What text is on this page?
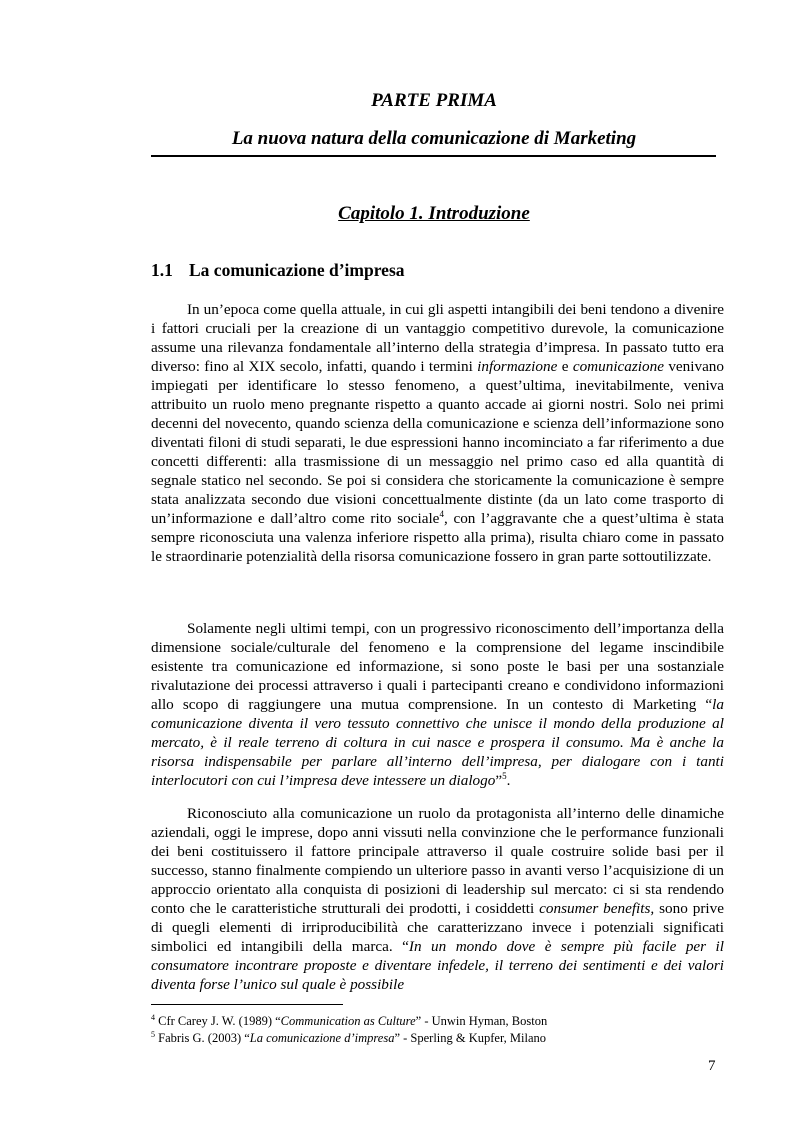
PARTE PRIMA
La nuova natura della comunicazione di Marketing
Capitolo 1. Introduzione
1.1 La comunicazione d’impresa

In un’epoca come quella attuale, in cui gli aspetti intangibili dei beni tendono a divenire i fattori cruciali per la creazione di un vantaggio competitivo durevole, la comunicazione assume una rilevanza fondamentale all’interno della strategia d’impresa. In passato tutto era diverso: fino al XIX secolo, infatti, quando i termini informazione e comunicazione venivano impiegati per identificare lo stesso fenomeno, a quest’ultima, inevitabilmente, veniva attribuito un ruolo meno pregnante rispetto a quanto accade ai giorni nostri. Solo nei primi decenni del novecento, quando scienza della comunicazione e scienza dell’informazione sono diventati filoni di studi separati, le due espressioni hanno incominciato a far riferimento a due concetti differenti: alla trasmissione di un messaggio nel primo caso ed alla quantità di segnale statico nel secondo. Se poi si considera che storicamente la comunicazione è sempre stata analizzata secondo due visioni concettualmente distinte (da un lato come trasporto di un’informazione e dall’altro come rito sociale$^4$, con l’aggravante che a quest’ultima è stata sempre riconosciuta una valenza inferiore rispetto alla prima), risulta chiaro come in passato le straordinarie potenzialità della risorsa comunicazione fossero in gran parte sottoutilizzate.

Solamente negli ultimi tempi, con un progressivo riconoscimento dell’importanza della dimensione sociale/culturale del fenomeno e la comprensione del legame inscindibile esistente tra comunicazione ed informazione, si sono poste le basi per una sostanziale rivalutazione dei processi attraverso i quali i partecipanti creano e condividono informazioni allo scopo di raggiungere una mutua comprensione. In un contesto di Marketing “la comunicazione diventa il vero tessuto connettivo che unisce il mondo della produzione al mercato, è il reale terreno di coltura in cui nasce e prospera il consumo. Ma è anche la risorsa indispensabile per parlare all’interno dell’impresa, per dialogare con i tanti interlocutori con cui l’impresa deve intessere un dialogo”$^5$.

Riconosciuto alla comunicazione un ruolo da protagonista all’interno delle dinamiche aziendali, oggi le imprese, dopo anni vissuti nella convinzione che le performance funzionali dei beni costituissero il fattore principale attraverso il quale costruire solide basi per il successo, stanno finalmente compiendo un ulteriore passo in avanti verso l’acquisizione di un approccio orientato alla conquista di posizioni di leadership sul mercato: ci si sta rendendo conto che le caratteristiche strutturali dei prodotti, i cosiddetti consumer benefits, sono prive di quegli elementi di irriproducibilità che caratterizzano invece i potenziali significati simbolici ed intangibili della marca. “In un mondo dove è sempre più facile per il consumatore incontrare proposte e diventare infedele, il terreno dei sentimenti e dei valori diventa forse l’unico sul quale è possibile

$^4$ Cfr Carey J. W. (1989) “Communication as Culture” - Unwin Hyman, Boston
$^5$ Fabris G. (2003) “La comunicazione d’impresa” - Sperling & Kupfer, Milano
7
